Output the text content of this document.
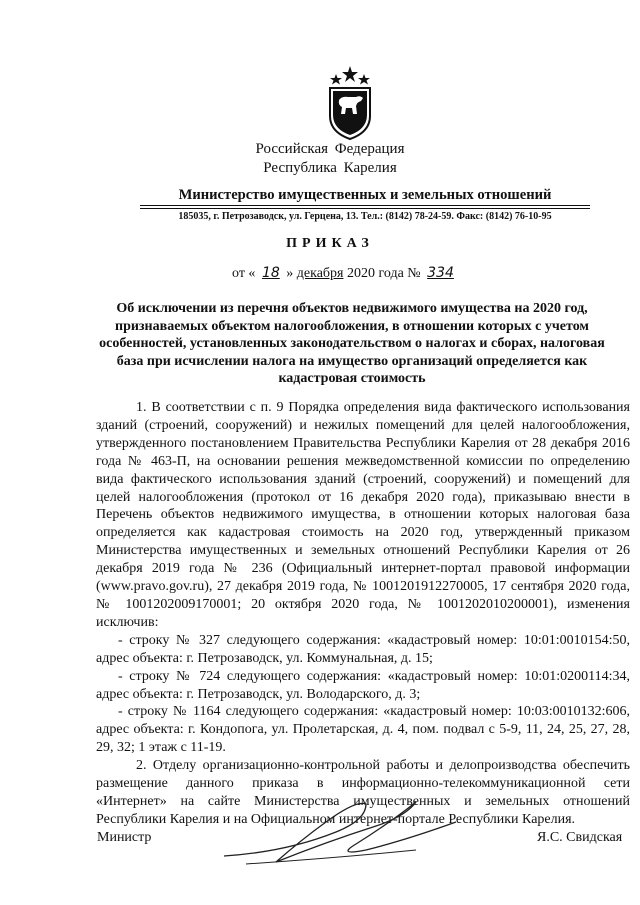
Российская Федерация
Республика Карелия
Министерство имущественных и земельных отношений
185035, г. Петрозаводск, ул. Герцена, 13. Тел.: (8142) 78-24-59. Факс: (8142) 76-10-95
ПРИКАЗ
от « 18 » декабря 2020 года № 334
Об исключении из перечня объектов недвижимого имущества на 2020 год, признаваемых объектом налогообложения, в отношении которых с учетом особенностей, установленных законодательством о налогах и сборах, налоговая база при исчислении налога на имущество организаций определяется как кадастровая стоимость

1. В соответствии с п. 9 Порядка определения вида фактического использования зданий (строений, сооружений) и нежилых помещений для целей налогообложения, утвержденного постановлением Правительства Республики Карелия от 28 декабря 2016 года № 463-П, на основании решения межведомственной комиссии по определению вида фактического использования зданий (строений, сооружений) и помещений для целей налогообложения (протокол от 16 декабря 2020 года), приказываю внести в Перечень объектов недвижимого имущества, в отношении которых налоговая база определяется как кадастровая стоимость на 2020 год, утвержденный приказом Министерства имущественных и земельных отношений Республики Карелия от 26 декабря 2019 года № 236 (Официальный интернет-портал правовой информации (www.pravo.gov.ru), 27 декабря 2019 года, № 1001201912270005, 17 сентября 2020 года, № 1001202009170001; 20 октября 2020 года, № 1001202010200001), изменения исключив:

- строку № 327 следующего содержания: «кадастровый номер: 10:01:0010154:50, адрес объекта: г. Петрозаводск, ул. Коммунальная, д. 15;

- строку № 724 следующего содержания: «кадастровый номер: 10:01:0200114:34, адрес объекта: г. Петрозаводск, ул. Володарского, д. 3;

- строку № 1164 следующего содержания: «кадастровый номер: 10:03:0010132:606, адрес объекта: г. Кондопога, ул. Пролетарская, д. 4, пом. подвал с 5-9, 11, 24, 25, 27, 28, 29, 32; 1 этаж с 11-19.

2. Отделу организационно-контрольной работы и делопроизводства обеспечить размещение данного приказа в информационно-телекоммуникационной сети «Интернет» на сайте Министерства имущественных и земельных отношений Республики Карелия и на Официальном интернет-портале Республики Карелия.

Министр	Я.С. Свидская
